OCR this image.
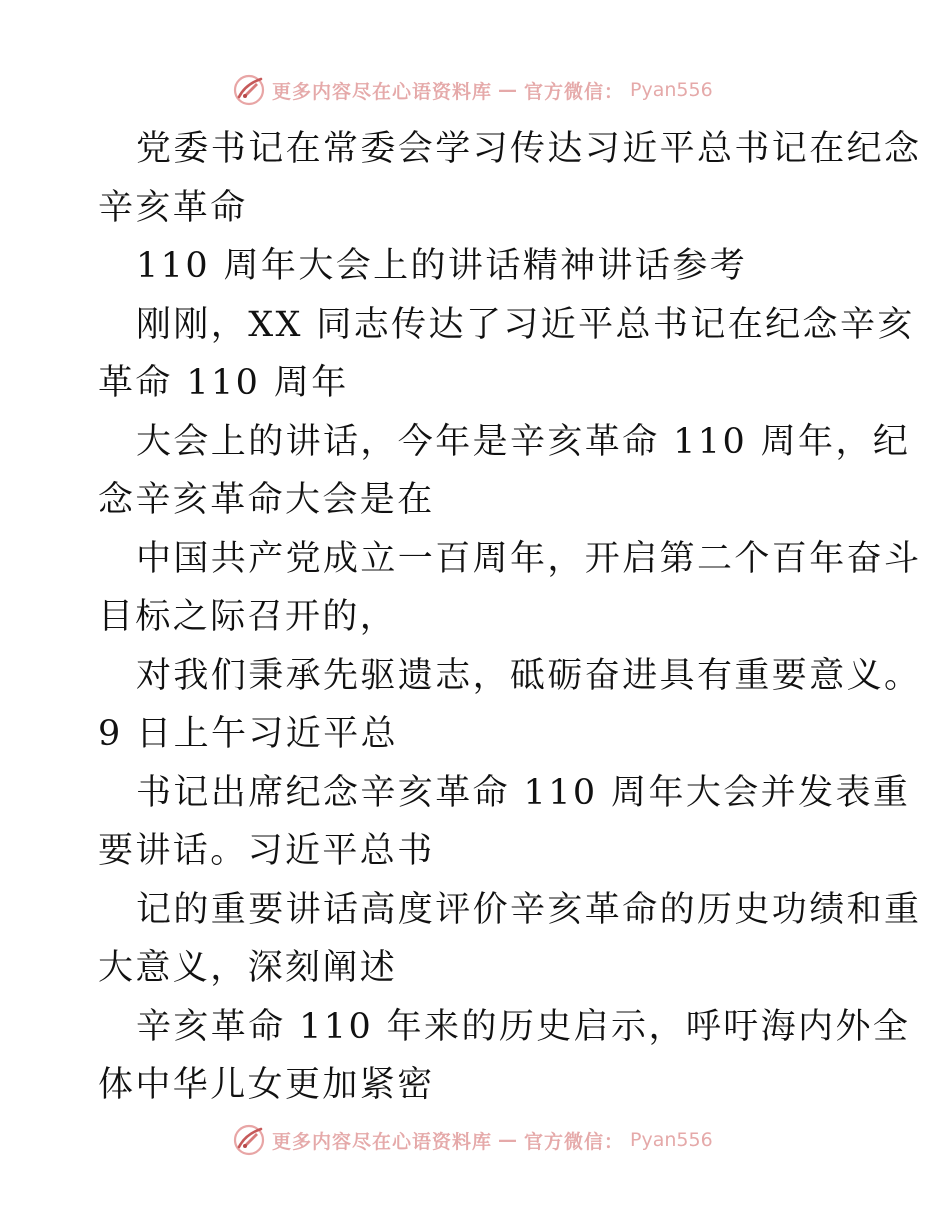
更多内容尽在心语资料库 — 官方微信： Pyan556

党委书记在常委会学习传达习近平总书记在纪念
辛亥革命

110 周年大会上的讲话精神讲话参考

刚刚，XX 同志传达了习近平总书记在纪念辛亥
革命 110 周年

大会上的讲话，今年是辛亥革命 110 周年，纪
念辛亥革命大会是在

中国共产党成立一百周年，开启第二个百年奋斗
目标之际召开的，

对我们秉承先驱遗志，砥砺奋进具有重要意义。
9 日上午习近平总

书记出席纪念辛亥革命 110 周年大会并发表重
要讲话。习近平总书

记的重要讲话高度评价辛亥革命的历史功绩和重
大意义，深刻阐述

辛亥革命 110 年来的历史启示，呼吁海内外全
体中华儿女更加紧密

更多内容尽在心语资料库 — 官方微信： Pyan556
